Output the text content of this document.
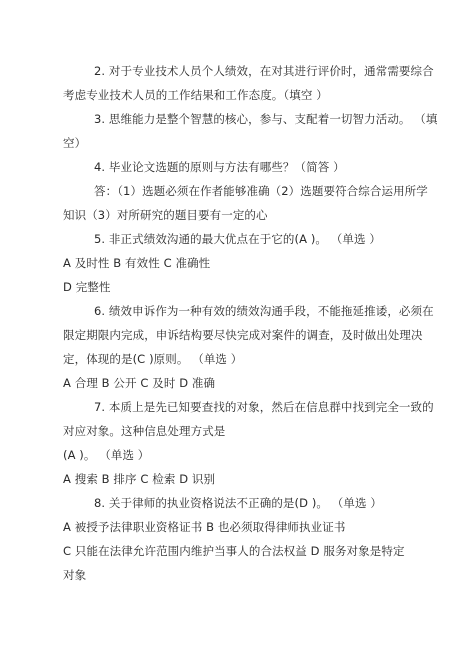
2. 对于专业技术人员个人绩效，在对其进行评价时，通常需要综合
考虑专业技术人员的工作结果和工作态度。（填空 ）
3. 思维能力是整个智慧的核心，参与、支配着一切智力活动。 （填
空）
4. 毕业论文选题的原则与方法有哪些？（简答 ）
答：（1）选题必须在作者能够准确（2）选题要符合综合运用所学
知识（3）对所研究的题目要有一定的心
5. 非正式绩效沟通的最大优点在于它的(A )。 （单选 ）
A 及时性 B 有效性 C 准确性
D 完整性
6. 绩效申诉作为一种有效的绩效沟通手段，不能拖延推诿，必须在
限定期限内完成，申诉结构要尽快完成对案件的调查，及时做出处理决
定，体现的是(C )原则。 （单选 ）
A 合理 B 公开 C 及时 D 准确
7. 本质上是先已知要查找的对象，然后在信息群中找到完全一致的
对应对象。这种信息处理方式是
(A )。 （单选 ）
A 搜索 B 排序 C 检索 D 识别
8. 关于律师的执业资格说法不正确的是(D )。 （单选 ）
A 被授予法律职业资格证书 B 也必须取得律师执业证书
C 只能在法律允许范围内维护当事人的合法权益 D 服务对象是特定
对象
